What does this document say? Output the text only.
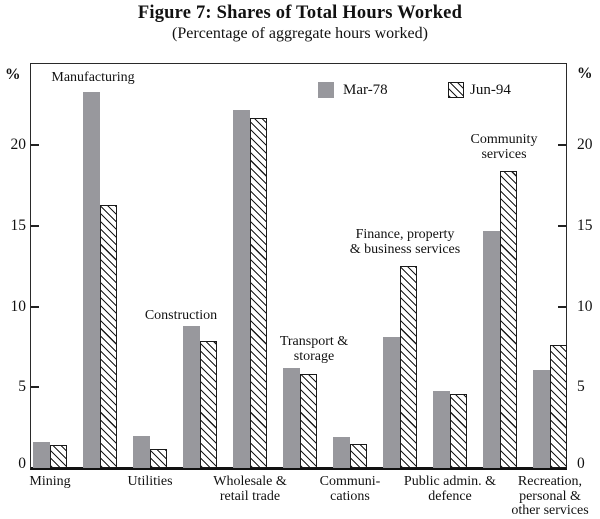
Figure 7: Shares of Total Hours Worked
(Percentage of aggregate hours worked)
%	%
0	0
5	5
10	10
15	15
20	20
Mining
Manufacturing
Utilities
Construction
Wholesale &
retail trade
Transport &
storage
Communi-
cations
Finance, property
& business services
Public admin. &
defence
Community
services
Recreation,
personal &
other services
Mar-78	Jun-94
